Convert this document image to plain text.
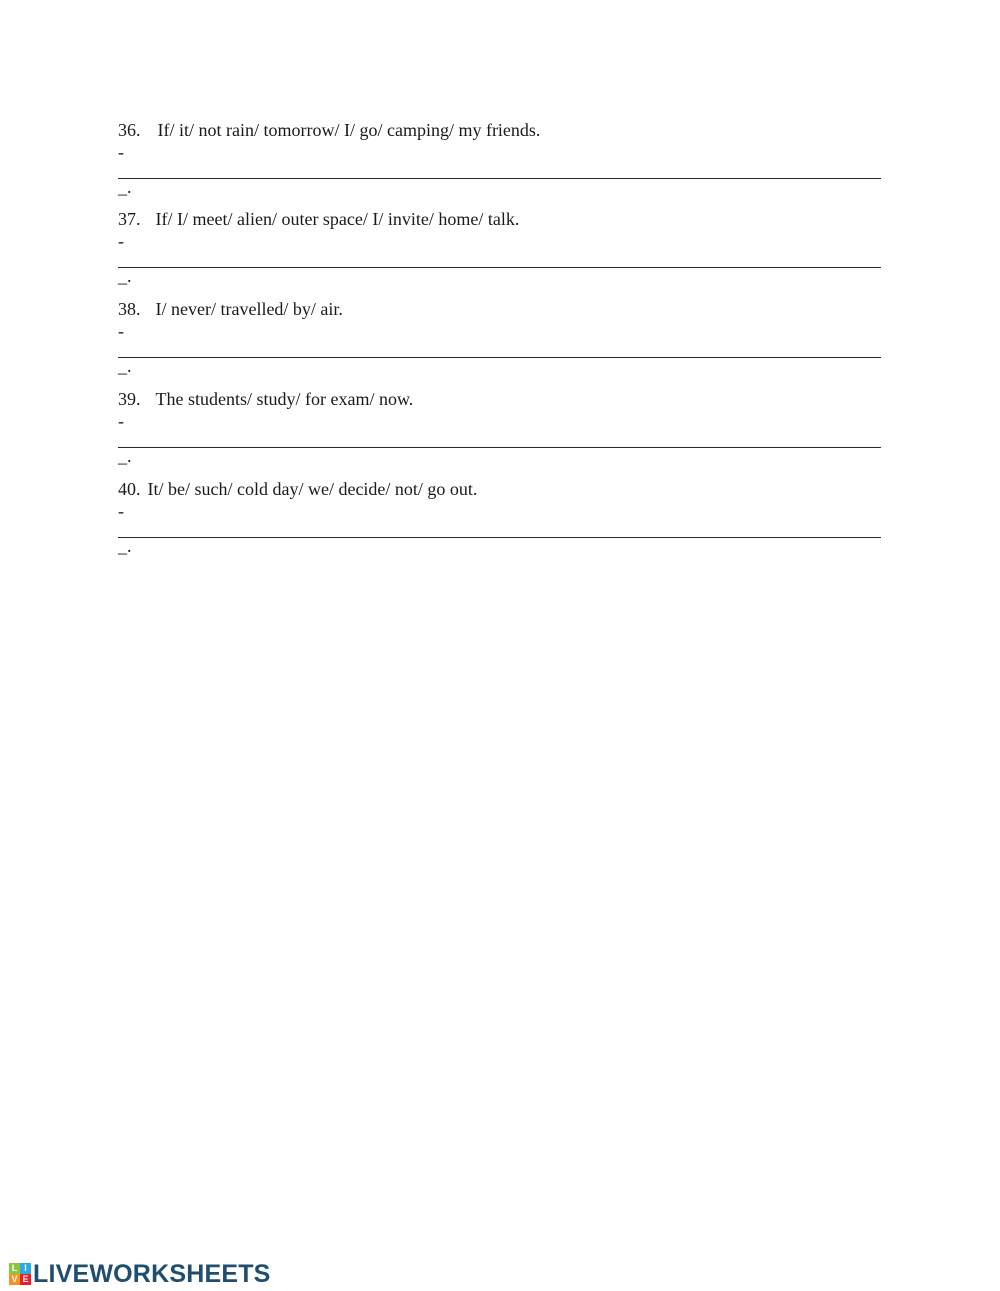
36. If/ it/ not rain/ tomorrow/ I/ go/ camping/ my friends.
-
_.
37. If/ I/ meet/ alien/ outer space/ I/ invite/ home/ talk.
-
_.
38. I/ never/ travelled/ by/ air.
-
_.
39. The students/ study/ for exam/ now.
-
_.
40. It/ be/ such/ cold day/ we/ decide/ not/ go out.
-
_.
L I
V E LIVEWORKSHEETS
